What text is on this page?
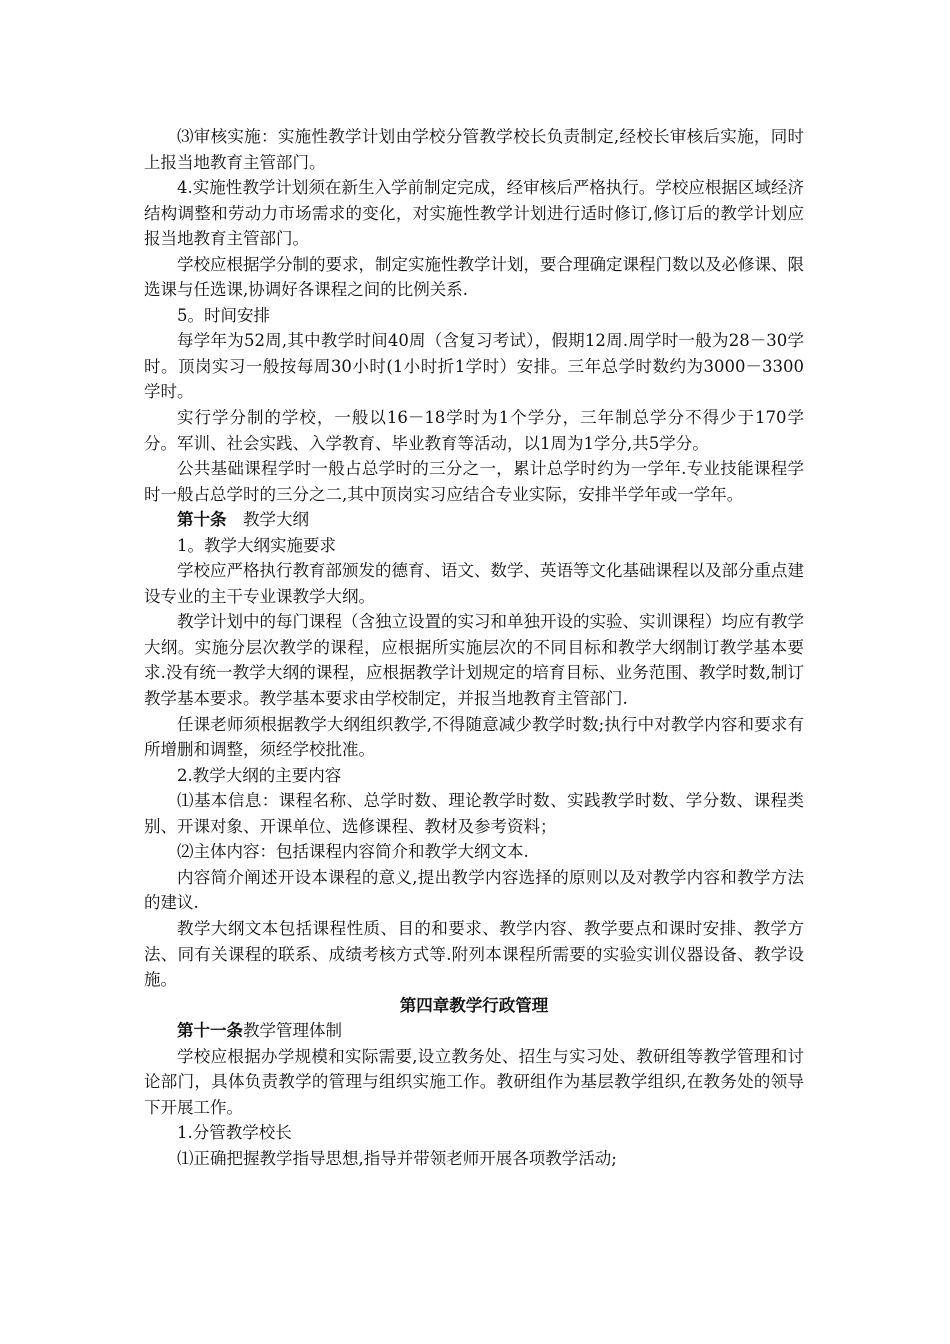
⑶审核实施：实施性教学计划由学校分管教学校长负责制定,经校长审核后实施，同时上报当地教育主管部门。

4.实施性教学计划须在新生入学前制定完成，经审核后严格执行。学校应根据区域经济结构调整和劳动力市场需求的变化，对实施性教学计划进行适时修订,修订后的教学计划应报当地教育主管部门。

学校应根据学分制的要求，制定实施性教学计划，要合理确定课程门数以及必修课、限选课与任选课,协调好各课程之间的比例关系.

5。时间安排

每学年为52周,其中教学时间40周（含复习考试），假期12周.周学时一般为28－30学时。顶岗实习一般按每周30小时(1小时折1学时）安排。三年总学时数约为3000－3300学时。

实行学分制的学校，一般以16－18学时为1个学分，三年制总学分不得少于170学分。军训、社会实践、入学教育、毕业教育等活动，以1周为1学分,共5学分。

公共基础课程学时一般占总学时的三分之一，累计总学时约为一学年.专业技能课程学时一般占总学时的三分之二,其中顶岗实习应结合专业实际，安排半学年或一学年。

第十条　教学大纲

1。教学大纲实施要求

学校应严格执行教育部颁发的德育、语文、数学、英语等文化基础课程以及部分重点建设专业的主干专业课教学大纲。

教学计划中的每门课程（含独立设置的实习和单独开设的实验、实训课程）均应有教学大纲。实施分层次教学的课程，应根据所实施层次的不同目标和教学大纲制订教学基本要求.没有统一教学大纲的课程，应根据教学计划规定的培育目标、业务范围、教学时数,制订教学基本要求。教学基本要求由学校制定，并报当地教育主管部门.

任课老师须根据教学大纲组织教学,不得随意减少教学时数;执行中对教学内容和要求有所增删和调整，须经学校批准。

2.教学大纲的主要内容

⑴基本信息：课程名称、总学时数、理论教学时数、实践教学时数、学分数、课程类别、开课对象、开课单位、选修课程、教材及参考资料；

⑵主体内容：包括课程内容简介和教学大纲文本.

内容简介阐述开设本课程的意义,提出教学内容选择的原则以及对教学内容和教学方法的建议.

教学大纲文本包括课程性质、目的和要求、教学内容、教学要点和课时安排、教学方法、同有关课程的联系、成绩考核方式等.附列本课程所需要的实验实训仪器设备、教学设施。

第四章教学行政管理

第十一条教学管理体制

学校应根据办学规模和实际需要,设立教务处、招生与实习处、教研组等教学管理和讨论部门，具体负责教学的管理与组织实施工作。教研组作为基层教学组织,在教务处的领导下开展工作。

1.分管教学校长

⑴正确把握教学指导思想,指导并带领老师开展各项教学活动;
